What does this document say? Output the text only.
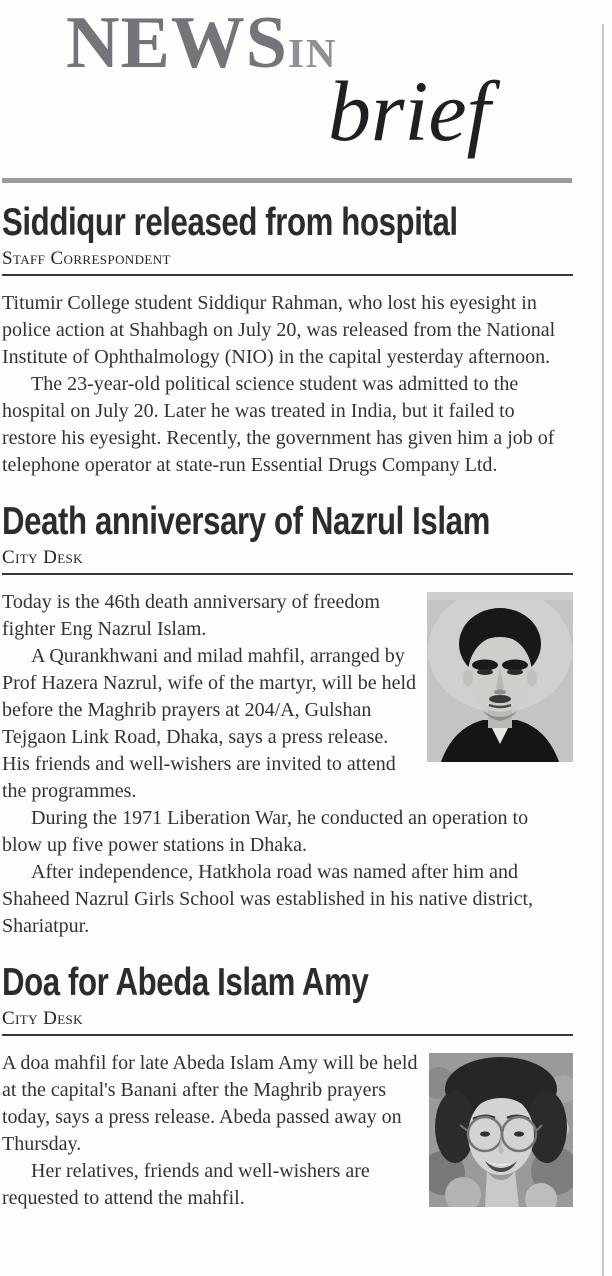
NEWSIN
brief
Siddiqur released from hospital
Staff Correspondent

Titumir College student Siddiqur Rahman, who lost his eyesight in police action at Shahbagh on July 20, was released from the National Institute of Ophthalmology (NIO) in the capital yesterday afternoon.

The 23-year-old political science student was admitted to the hospital on July 20. Later he was treated in India, but it failed to restore his eyesight. Recently, the government has given him a job of telephone operator at state-run Essential Drugs Company Ltd.

Death anniversary of Nazrul Islam
City Desk

Today is the 46th death anniversary of freedom fighter Eng Nazrul Islam.

A Qurankhwani and milad mahfil, arranged by Prof Hazera Nazrul, wife of the martyr, will be held before the Maghrib prayers at 204/A, Gulshan Tejgaon Link Road, Dhaka, says a press release. His friends and well-wishers are invited to attend the programmes.

During the 1971 Liberation War, he conducted an operation to blow up five power stations in Dhaka.

After independence, Hatkhola road was named after him and Shaheed Nazrul Girls School was established in his native district, Shariatpur.

Doa for Abeda Islam Amy
City Desk

A doa mahfil for late Abeda Islam Amy will be held at the capital's Banani after the Maghrib prayers today, says a press release. Abeda passed away on Thursday.

Her relatives, friends and well-wishers are requested to attend the mahfil.
